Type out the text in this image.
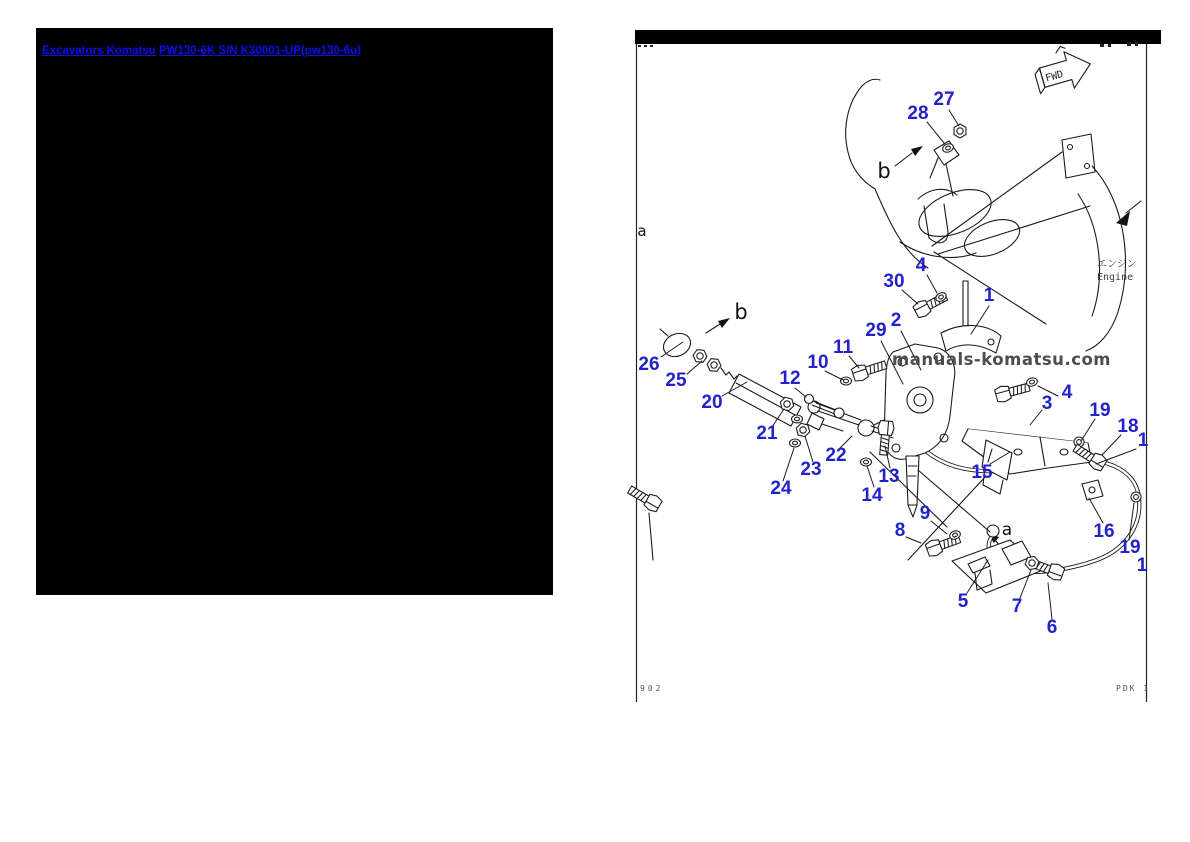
Excavators Komatsu PW130-6K S/N K30001-UP(pw130-6u)
FWD
manuals-komatsu.com
エンジン
Engine
902	PDK 1
27
28
30
4
1
2
29
11
10
12
26
25
20
21
22
23
24
13
14
15
3
4
19
18
1
16
19
1
8
9
5 7
6
b
b
a
a
